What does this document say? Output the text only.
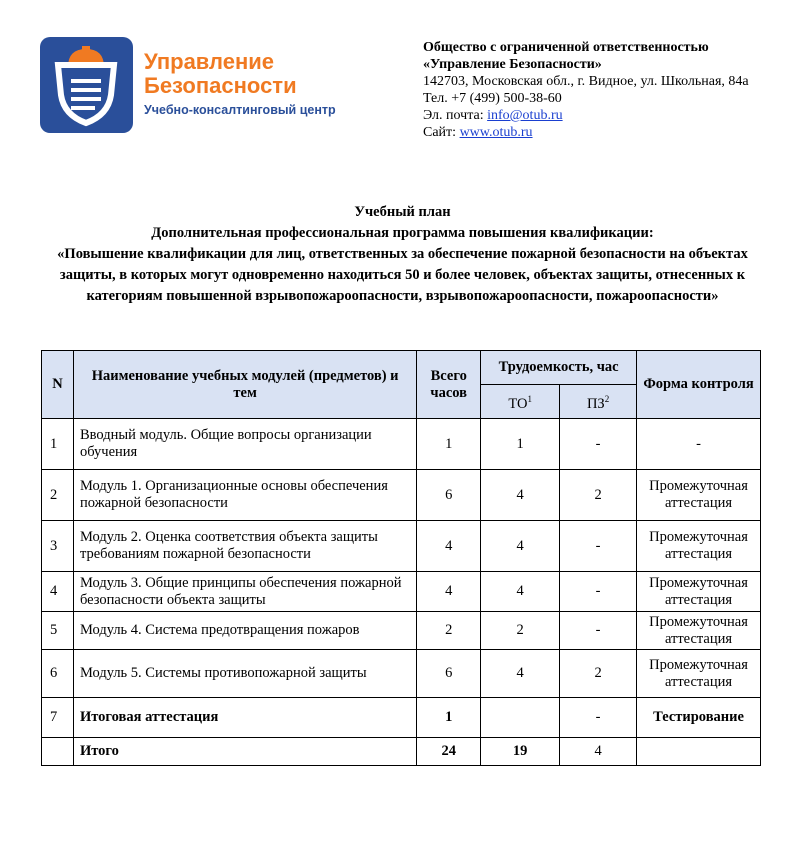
Управление
Безопасности
Учебно-консалтинговый центр
Общество с ограниченной ответственностью
«Управление Безопасности»
142703, Московская обл., г. Видное, ул. Школьная, 84а
Тел. +7 (499) 500-38-60
Эл. почта: info@otub.ru
Сайт: www.otub.ru
Учебный план
Дополнительная профессиональная программа повышения квалификации:
«Повышение квалификации для лиц, ответственных за обеспечение пожарной безопасности на объектах защиты, в которых могут одновременно находиться 50 и более человек, объектах защиты, отнесенных к категориям повышенной взрывопожароопасности, взрывопожароопасности, пожароопасности»
N	Наименование учебных модулей (предметов) и тем	Всего часов	Трудоемкость, час		Форма контроля
			$ТО^1$	$ПЗ^2$
1	Вводный модуль. Общие вопросы организации обучения	1	1	-	-
2	Модуль 1. Организационные основы обеспечения пожарной безопасности	6	4	2	Промежуточная аттестация
3	Модуль 2. Оценка соответствия объекта защиты требованиям пожарной безопасности	4	4	-	Промежуточная аттестация
4	Модуль 3. Общие принципы обеспечения пожарной безопасности объекта защиты	4	4	-	Промежуточная аттестация
5	Модуль 4. Система предотвращения пожаров	2	2	-	Промежуточная аттестация
6	Модуль 5. Системы противопожарной защиты	6	4	2	Промежуточная аттестация
7	Итоговая аттестация	1		-	Тестирование
	Итого	24	19	4	
